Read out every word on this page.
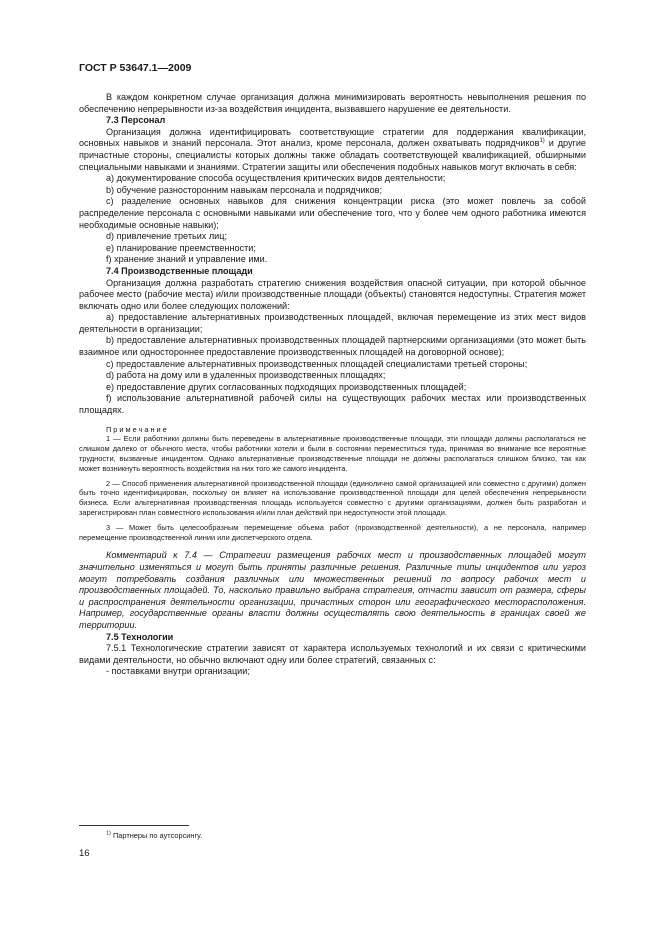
ГОСТ Р 53647.1—2009

В каждом конкретном случае организация должна минимизировать вероятность невыполнения решения по обеспечению непрерывности из-за воздействия инцидента, вызвавшего нарушение ее деятельности.

7.3 Персонал

Организация должна идентифицировать соответствующие стратегии для поддержания квалификации, основных навыков и знаний персонала. Этот анализ, кроме персонала, должен охватывать подрядчиков$^{1)}$ и другие причастные стороны, специалисты которых должны также обладать соответствующей квалификацией, обширными специальными навыками и знаниями. Стратегии защиты или обеспечения подобных навыков могут включать в себя:

a) документирование способа осуществления критических видов деятельности;

b) обучение разносторонним навыкам персонала и подрядчиков;

c) разделение основных навыков для снижения концентрации риска (это может повлечь за собой распределение персонала с основными навыками или обеспечение того, что у более чем одного работника имеются необходимые основные навыки);

d) привлечение третьих лиц;

e) планирование преемственности;

f) хранение знаний и управление ими.

7.4 Производственные площади

Организация должна разработать стратегию снижения воздействия опасной ситуации, при которой обычное рабочее место (рабочие места) и/или производственные площади (объекты) становятся недоступны. Стратегия может включать одно или более следующих положений:

a) предоставление альтернативных производственных площадей, включая перемещение из этих мест видов деятельности в организации;

b) предоставление альтернативных производственных площадей партнерскими организациями (это может быть взаимное или одностороннее предоставление производственных площадей на договорной основе);

c) предоставление альтернативных производственных площадей специалистами третьей стороны;

d) работа на дому или в удаленных производственных площадях;

e) предоставление других согласованных подходящих производственных площадей;

f) использование альтернативной рабочей силы на существующих рабочих местах или производственных площадях.

Примечание

1 — Если работники должны быть переведены в альтернативные производственные площади, эти площади должны располагаться не слишком далеко от обычного места, чтобы работники хотели и были в состоянии переместиться туда, принимая во внимание все вероятные трудности, вызванные инцидентом. Однако альтернативные производственные площади не должны располагаться слишком близко, так как может возникнуть вероятность воздействия на них того же самого инцидента.

2 — Способ применения альтернативной производственной площади (единолично самой организацией или совместно с другими) должен быть точно идентифицирован, поскольку он влияет на использование производственной площади для целей обеспечения непрерывности бизнеса. Если альтернативная производственная площадь используется совместно с другими организациями, должен быть разработан и зарегистрирован план совместного использования и/или план действий при недоступности этой площади.

3 — Может быть целесообразным перемещение объема работ (производственной деятельности), а не персонала, например перемещение производственной линии или диспетчерского отдела.

Комментарий к 7.4 — Стратегии размещения рабочих мест и производственных площадей могут значительно изменяться и могут быть приняты различные решения. Различные типы инцидентов или угроз могут потребовать создания различных или множественных решений по вопросу рабочих мест и производственных площадей. То, насколько правильно выбрана стратегия, отчасти зависит от размера, сферы и распространения деятельности организации, причастных сторон или географического месторасположения. Например, государственные органы власти должны осуществлять свою деятельность в границах своей же территории.

7.5 Технологии

7.5.1 Технологические стратегии зависят от характера используемых технологий и их связи с критическими видами деятельности, но обычно включают одну или более стратегий, связанных с:

- поставками внутри организации;

$^{1)}$ Партнеры по аутсорсингу.
16
